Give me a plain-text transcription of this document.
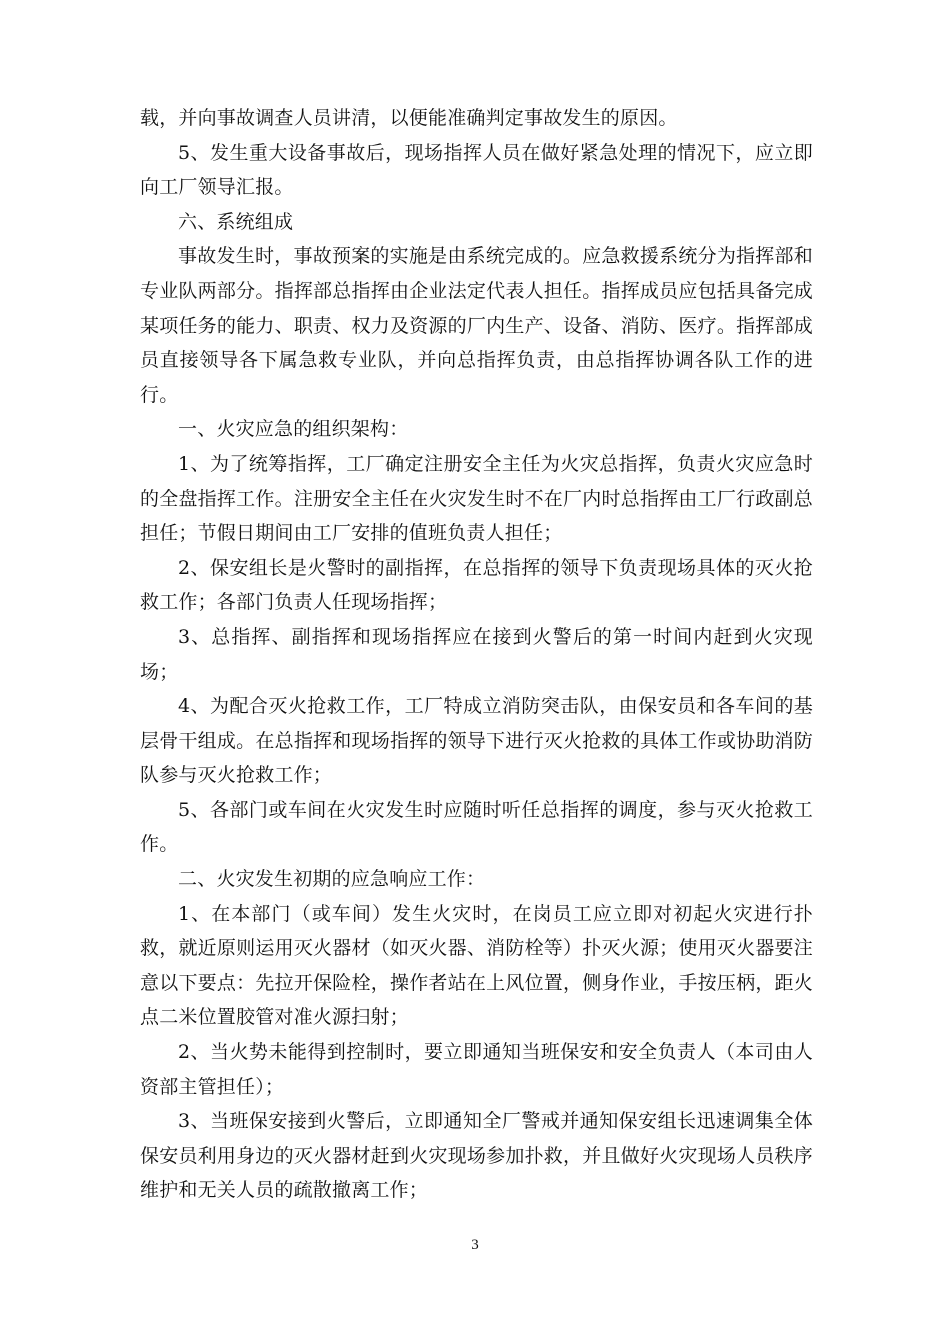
载，并向事故调查人员讲清，以便能准确判定事故发生的原因。

5、发生重大设备事故后，现场指挥人员在做好紧急处理的情况下，应立即向工厂领导汇报。

六、系统组成

事故发生时，事故预案的实施是由系统完成的。应急救援系统分为指挥部和专业队两部分。指挥部总指挥由企业法定代表人担任。指挥成员应包括具备完成某项任务的能力、职责、权力及资源的厂内生产、设备、消防、医疗。指挥部成员直接领导各下属急救专业队，并向总指挥负责，由总指挥协调各队工作的进行。

一、火灾应急的组织架构：

1、为了统筹指挥，工厂确定注册安全主任为火灾总指挥，负责火灾应急时的全盘指挥工作。注册安全主任在火灾发生时不在厂内时总指挥由工厂行政副总担任；节假日期间由工厂安排的值班负责人担任；

2、保安组长是火警时的副指挥，在总指挥的领导下负责现场具体的灭火抢救工作；各部门负责人任现场指挥；

3、总指挥、副指挥和现场指挥应在接到火警后的第一时间内赶到火灾现场；

4、为配合灭火抢救工作，工厂特成立消防突击队，由保安员和各车间的基层骨干组成。在总指挥和现场指挥的领导下进行灭火抢救的具体工作或协助消防队参与灭火抢救工作；

5、各部门或车间在火灾发生时应随时听任总指挥的调度，参与灭火抢救工作。

二、火灾发生初期的应急响应工作：

1、在本部门（或车间）发生火灾时，在岗员工应立即对初起火灾进行扑救，就近原则运用灭火器材（如灭火器、消防栓等）扑灭火源；使用灭火器要注意以下要点：先拉开保险栓，操作者站在上风位置，侧身作业，手按压柄，距火点二米位置胶管对准火源扫射；

2、当火势未能得到控制时，要立即通知当班保安和安全负责人（本司由人资部主管担任）；

3、当班保安接到火警后，立即通知全厂警戒并通知保安组长迅速调集全体保安员利用身边的灭火器材赶到火灾现场参加扑救，并且做好火灾现场人员秩序维护和无关人员的疏散撤离工作；

3
